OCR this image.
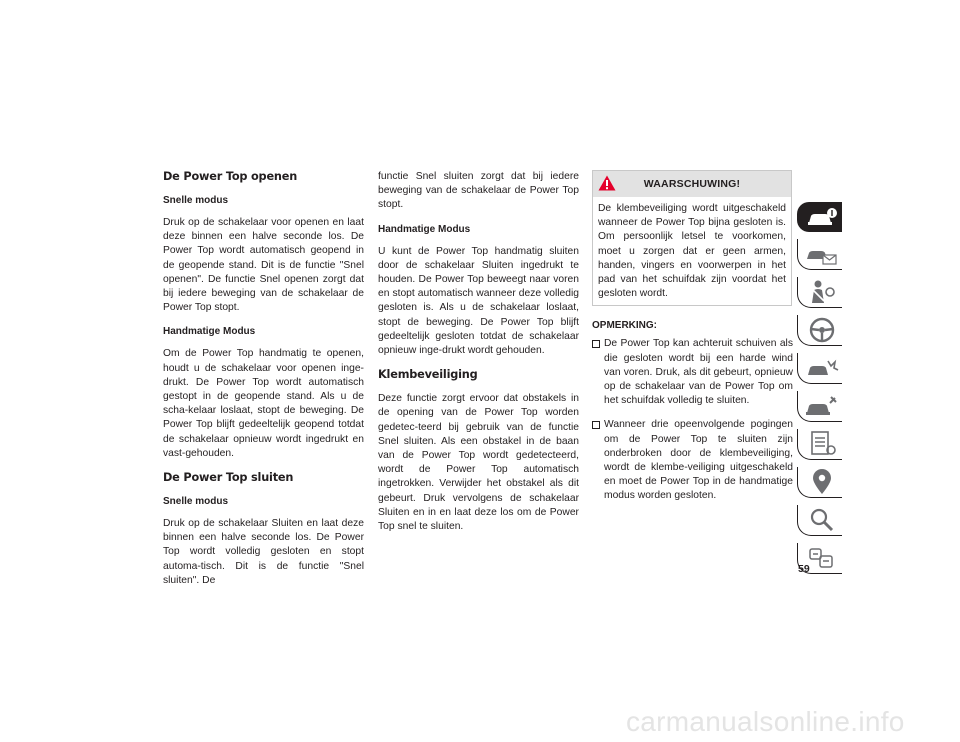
De Power Top openen
Snelle modus

Druk op de schakelaar voor openen en laat deze binnen een halve seconde los. De Power Top wordt automatisch geopend in de geopende stand. Dit is de functie "Snel openen". De functie Snel openen zorgt dat bij iedere beweging van de schakelaar de Power Top stopt.

Handmatige Modus

Om de Power Top handmatig te openen, houdt u de schakelaar voor openen inge-drukt. De Power Top wordt automatisch gestopt in de geopende stand. Als u de scha-kelaar loslaat, stopt de beweging. De Power Top blijft gedeeltelijk geopend totdat de schakelaar opnieuw wordt ingedrukt en vast-gehouden.

De Power Top sluiten
Snelle modus

Druk op de schakelaar Sluiten en laat deze binnen een halve seconde los. De Power Top wordt volledig gesloten en stopt automa-tisch. Dit is de functie "Snel sluiten". De

functie Snel sluiten zorgt dat bij iedere beweging van de schakelaar de Power Top stopt.

Handmatige Modus

U kunt de Power Top handmatig sluiten door de schakelaar Sluiten ingedrukt te houden. De Power Top beweegt naar voren en stopt automatisch wanneer deze volledig gesloten is. Als u de schakelaar loslaat, stopt de beweging. De Power Top blijft gedeeltelijk gesloten totdat de schakelaar opnieuw inge-drukt wordt gehouden.

Klembeveiliging

Deze functie zorgt ervoor dat obstakels in de opening van de Power Top worden gedetec-teerd bij gebruik van de functie Snel sluiten. Als een obstakel in de baan van de Power Top wordt gedetecteerd, wordt de Power Top automatisch ingetrokken. Verwijder het obstakel als dit gebeurt. Druk vervolgens de schakelaar Sluiten en in en laat deze los om de Power Top snel te sluiten.

WAARSCHUWING!

De klembeveiliging wordt uitgeschakeld wanneer de Power Top bijna gesloten is. Om persoonlijk letsel te voorkomen, moet u zorgen dat er geen armen, handen, vingers en voorwerpen in het pad van het schuifdak zijn voordat het gesloten wordt.

OPMERKING:

De Power Top kan achteruit schuiven als die gesloten wordt bij een harde wind van voren. Druk, als dit gebeurt, opnieuw op de schakelaar van de Power Top om het schuifdak volledig te sluiten.

Wanneer drie opeenvolgende pogingen om de Power Top te sluiten zijn onderbroken door de klembeveiliging, wordt de klembe-veiliging uitgeschakeld en moet de Power Top in de handmatige modus worden gesloten.

59
carmanualsonline.info
